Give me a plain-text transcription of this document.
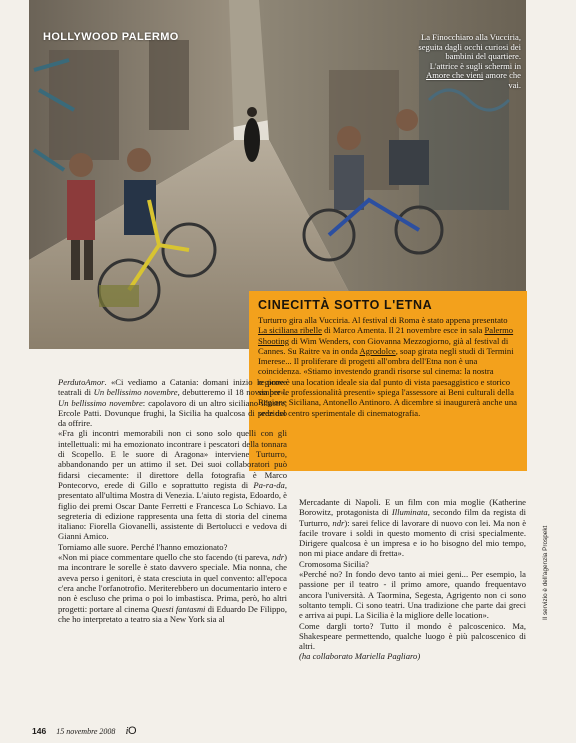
HOLLYWOOD PALERMO	La Finocchiaro alla Vucciria, seguita dagli occhi curiosi dei bambini del quartiere. L'attrice è sugli schermi in Amore che vieni amore che vai.
CINECITTÀ SOTTO L'ETNA

Turturro gira alla Vucciria. Al festival di Roma è stato appena presentato La siciliana ribelle di Marco Amenta. Il 21 novembre esce in sala Palermo Shooting di Wim Wenders, con Giovanna Mezzogiorno, già al festival di Cannes. Su Raitre va in onda Agrodolce, soap girata negli studi di Termini Imerese... Il proliferare di progetti all'ombra dell'Etna non è una coincidenza. «Stiamo investendo grandi risorse sul cinema: la nostra regione è una location ideale sia dal punto di vista paesaggistico e storico sia per le professionalità presenti» spiega l'assessore ai Beni culturali della Regione Siciliana, Antonello Antinoro. A dicembre si inaugurerà anche una sede del centro sperimentale di cinematografia.

PerdutoAmor. «Ci vediamo a Catania: domani inizio le prove teatrali di Un bellissimo novembre, debutteremo il 18 novembre». Un bellissimo novembre: capolavoro di un altro siciliano illustre, Ercole Patti. Dovunque frughi, la Sicilia ha qualcosa di prezioso da offrire.

«Fra gli incontri memorabili non ci sono solo quelli con gli intellettuali: mi ha emozionato incontrare i pescatori della tonnara di Scopello. E le suore di Aragona» interviene Turturro, abbandonando per un attimo il set. Dei suoi collaboratori può fidarsi ciecamente: il direttore della fotografia è Marco Pontecorvo, erede di Gillo e soprattutto regista di Pa-ra-da, presentato all'ultima Mostra di Venezia. L'aiuto regista, Edoardo, è figlio dei premi Oscar Dante Ferretti e Francesca Lo Schiavo. La segreteria di edizione rappresenta una fetta di storia del cinema italiano: Fiorella Giovanelli, assistente di Bertolucci e vedova di Gianni Amico.

Torniamo alle suore. Perché l'hanno emozionato?

«Non mi piace commentare quello che sto facendo (ti pareva, ndr) ma incontrare le sorelle è stato davvero speciale. Mia nonna, che aveva perso i genitori, è stata cresciuta in quel convento: all'epoca c'era anche l'orfanotrofio. Meriterebbero un documentario intero e non è escluso che prima o poi lo imbastisca. Prima, però, ho altri progetti: portare al cinema Questi fantasmi di Eduardo De Filippo, che ho interpretato a teatro sia a New York sia al

Mercadante di Napoli. E un film con mia moglie (Katherine Borowitz, protagonista di Illuminata, secondo film da regista di Turturro, ndr): sarei felice di lavorare di nuovo con lei. Ma non è facile trovare i soldi in questo momento di crisi specialmente. Dirigere qualcosa è un impresa e io ho bisogno del mio tempo, non mi piace andare di fretta».

Cromosoma Sicilia?

«Perché no? In fondo devo tanto ai miei geni... Per esempio, la passione per il teatro - il primo amore, quando frequentavo ancora l'università. A Taormina, Segesta, Agrigento non ci sono soltanto templi. Ci sono teatri. Una tradizione che parte dai greci e arriva ai pupi. La Sicilia è la migliore delle location».

Come dargli torto? Tutto il mondo è palcoscenico. Ma, Shakespeare permettendo, qualche luogo è più palcoscenico di altri.

(ha collaborato Mariella Pagliaro)

146 15 novembre 2008 iO
Il servizio è dell'agenzia Prospekt
